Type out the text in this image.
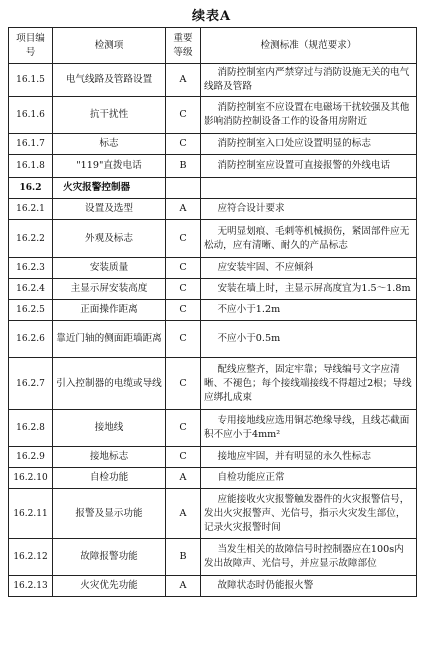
续表A
项目编号	检测项	重要等级	检测标准（规范要求）
16.1.5	电气线路及管路设置	A	消防控制室内严禁穿过与消防设施无关的电气线路及管路
16.1.6	抗干扰性	C	消防控制室不应设置在电磁场干扰较强及其他影响消防控制设备工作的设备用房附近
16.1.7	标志	C	消防控制室入口处应设置明显的标志
16.1.8	"119"直拨电话	B	消防控制室应设置可直接报警的外线电话
16.2	火灾报警控制器		
16.2.1	设置及选型	A	应符合设计要求
16.2.2	外观及标志	C	无明显划痕、毛刺等机械损伤，紧固部件应无松动，应有清晰、耐久的产品标志
16.2.3	安装质量	C	应安装牢固、不应倾斜
16.2.4	主显示屏安装高度	C	安装在墙上时，主显示屏高度宜为1.5～1.8m
16.2.5	正面操作距离	C	不应小于1.2m
16.2.6	靠近门轴的侧面距墙距离	C	不应小于0.5m
16.2.7	引入控制器的电缆或导线	C	配线应整齐，固定牢靠；导线编号文字应清晰、不褪色；每个接线端接线不得超过2根；导线应绑扎成束
16.2.8	接地线	C	专用接地线应选用铜芯绝缘导线，且线芯截面积不应小于4mm²
16.2.9	接地标志	C	接地应牢固，并有明显的永久性标志
16.2.10	自检功能	A	自检功能应正常
16.2.11	报警及显示功能	A	应能接收火灾报警触发器件的火灾报警信号，发出火灾报警声、光信号，指示火灾发生部位，记录火灾报警时间
16.2.12	故障报警功能	B	当发生相关的故障信号时控制器应在100s内发出故障声、光信号，并应显示故障部位
16.2.13	火灾优先功能	A	故障状态时仍能报火警
